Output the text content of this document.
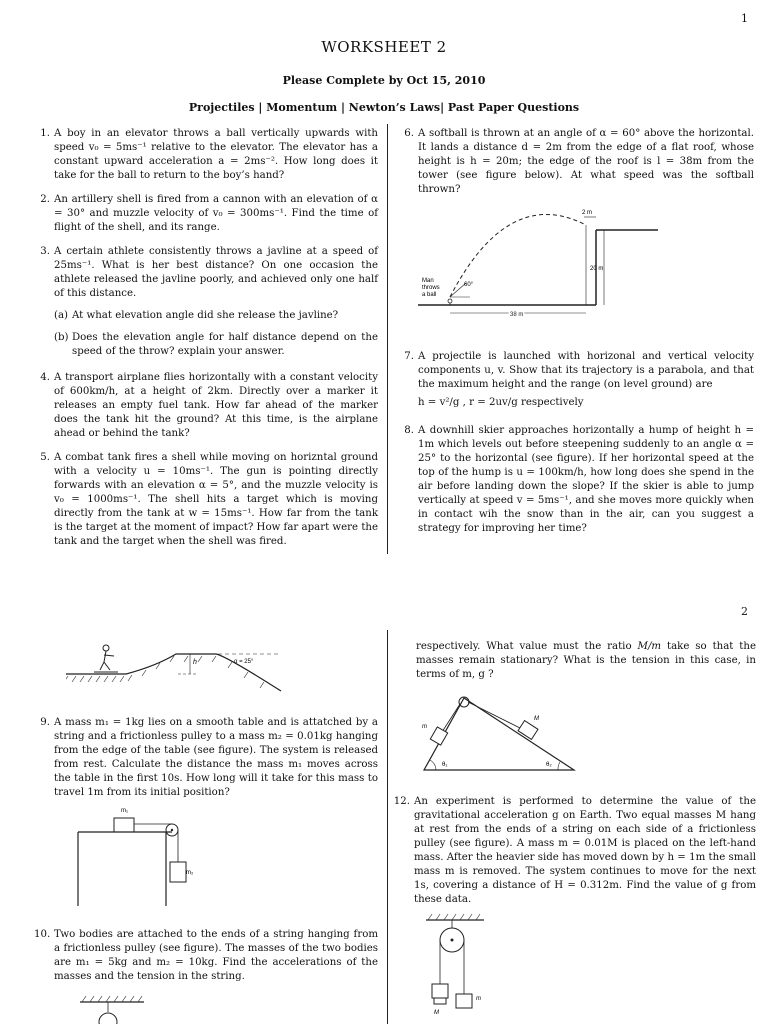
1
WORKSHEET 2
Please Complete by Oct 15, 2010
Projectiles | Momentum | Newton’s Laws| Past Paper Questions
1. A boy in an elevator throws a ball vertically upwards with speed v₀ = 5ms⁻¹ relative to the elevator. The elevator has a constant upward acceleration a = 2ms⁻². How long does it take for the ball to return to the boy’s hand?
2. An artillery shell is fired from a cannon with an elevation of α = 30° and muzzle velocity of v₀ = 300ms⁻¹. Find the time of flight of the shell, and its range.
3. A certain athlete consistently throws a javline at a speed of 25ms⁻¹. What is her best distance? On one occasion the athlete released the javline poorly, and achieved only one half of this distance.
(a) At what elevation angle did she release the javline?
(b) Does the elevation angle for half distance depend on the speed of the throw? explain your answer.
4. A transport airplane flies horizontally with a constant velocity of 600km/h, at a height of 2km. Directly over a marker it releases an empty fuel tank. How far ahead of the marker does the tank hit the ground? At this time, is the airplane ahead or behind the tank?
5. A combat tank fires a shell while moving on horizntal ground with a velocity u = 10ms⁻¹. The gun is pointing directly forwards with an elevation α = 5°, and the muzzle velocity is v₀ = 1000ms⁻¹. The shell hits a target which is moving directly from the tank at w = 15ms⁻¹. How far from the tank is the target at the moment of impact? How far apart were the tank and the target when the shell was fired.
6. A softball is thrown at an angle of α = 60° above the horizontal. It lands a distance d = 2m from the edge of a flat roof, whose height is h = 20m; the edge of the roof is l = 38m from the tower (see figure below). At what speed was the softball thrown?
2 m
20 m
60°
Man
throws
a ball
38 m
7. A projectile is launched with horizonal and vertical velocity components u, v. Show that its trajectory is a parabola, and that the maximum height and the range (on level ground) are
h = v²/g , r = 2uv/g respectively
8. A downhill skier approaches horizontally a hump of height h = 1m which levels out before steepening suddenly to an angle α = 25° to the horizontal (see figure). If her horizontal speed at the top of the hump is u = 100km/h, how long does she spend in the air before landing down the slope? If the skier is able to jump vertically at speed v = 5ms⁻¹, and she moves more quickly when in contact wih the snow than in the air, can you suggest a strategy for improving her time?
2
h	α = 25°
9. A mass m₁ = 1kg lies on a smooth table and is attatched by a string and a frictionless pulley to a mass m₂ = 0.01kg hanging from the edge of the table (see figure). The system is released from rest. Calculate the distance the mass m₁ moves across the table in the first 10s. How long will it take for this mass to travel 1m from its initial position?
m₁
m₂
10. Two bodies are attached to the ends of a string hanging from a frictionless pulley (see figure). The masses of the two bodies are m₁ = 5kg and m₂ = 10kg. Find the accelerations of the masses and the tension in the string.
respectively. What value must the ratio M/m take so that the masses remain stationary? What is the tension in this case, in terms of m, g ?
m
M
θ₁	θ₂
12. An experiment is performed to determine the value of the gravitational acceleration g on Earth. Two equal masses M hang at rest from the ends of a string on each side of a frictionless pulley (see figure). A mass m = 0.01M is placed on the left-hand mass. After the heavier side has moved down by h = 1m the small mass m is removed. The system continues to move for the next 1s, covering a distance of H = 0.312m. Find the value of g from these data.
M
m
